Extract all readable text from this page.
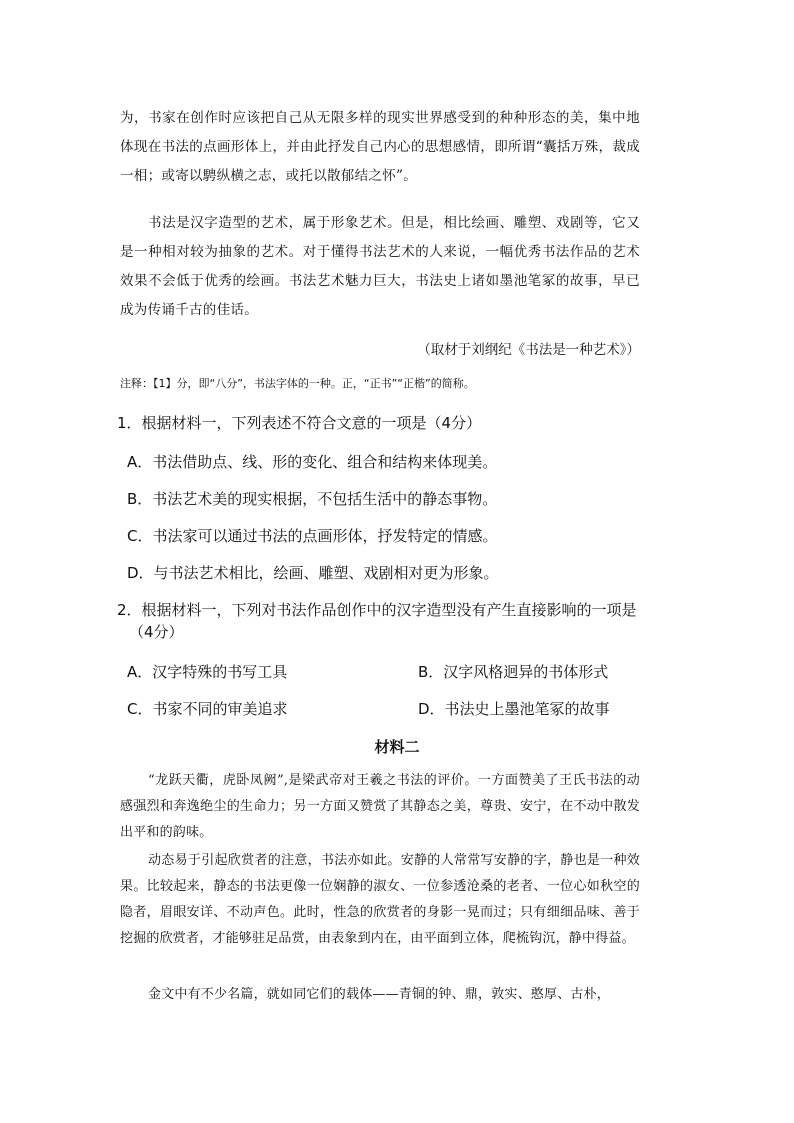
为，书家在创作时应该把自己从无限多样的现实世界感受到的种种形态的美，集中地体现在书法的点画形体上，并由此抒发自己内心的思想感情，即所谓“囊括万殊，裁成一相；或寄以騁纵横之志，或托以散郁结之怀”。

书法是汉字造型的艺术，属于形象艺术。但是，相比绘画、雕塑、戏剧等，它又是一种相对较为抽象的艺术。对于懂得书法艺术的人来说，一幅优秀书法作品的艺术效果不会低于优秀的绘画。书法艺术魅力巨大，书法史上诸如墨池笔冢的故事，早已成为传诵千古的佳话。

（取材于刘纲纪《书法是一种艺术》）
注释：【1】分，即“八分”，书法字体的一种。正，“正书”“正楷”的简称。
1．根据材料一，下列表述不符合文意的一项是（4分）
A．书法借助点、线、形的变化、组合和结构来体现美。
B．书法艺术美的现实根据，不包括生活中的静态事物。
C．书法家可以通过书法的点画形体，抒发特定的情感。
D．与书法艺术相比，绘画、雕塑、戏剧相对更为形象。
2．根据材料一，下列对书法作品创作中的汉字造型没有产生直接影响的一项是（4分）
A．汉字特殊的书写工具	B．汉字风格迥异的书体形式
C．书家不同的审美追求	D．书法史上墨池笔冢的故事
材料二

“龙跃天衢，虎卧凤阙”,是梁武帝对王羲之书法的评价。一方面赞美了王氏书法的动感强烈和奔逸绝尘的生命力；另一方面又赞赏了其静态之美，尊贵、安宁，在不动中散发出平和的韵味。

动态易于引起欣赏者的注意，书法亦如此。安静的人常常写安静的字，静也是一种效果。比较起来，静态的书法更像一位娴静的淑女、一位参透沧桑的老者、一位心如秋空的隐者，眉眼安详、不动声色。此时，性急的欣赏者的身影一晃而过；只有细细品味、善于挖掘的欣赏者，才能够驻足品赏，由表象到内在，由平面到立体，爬梳钩沉，静中得益。

金文中有不少名篇，就如同它们的载体——青铜的钟、鼎，敦实、憨厚、古朴，
